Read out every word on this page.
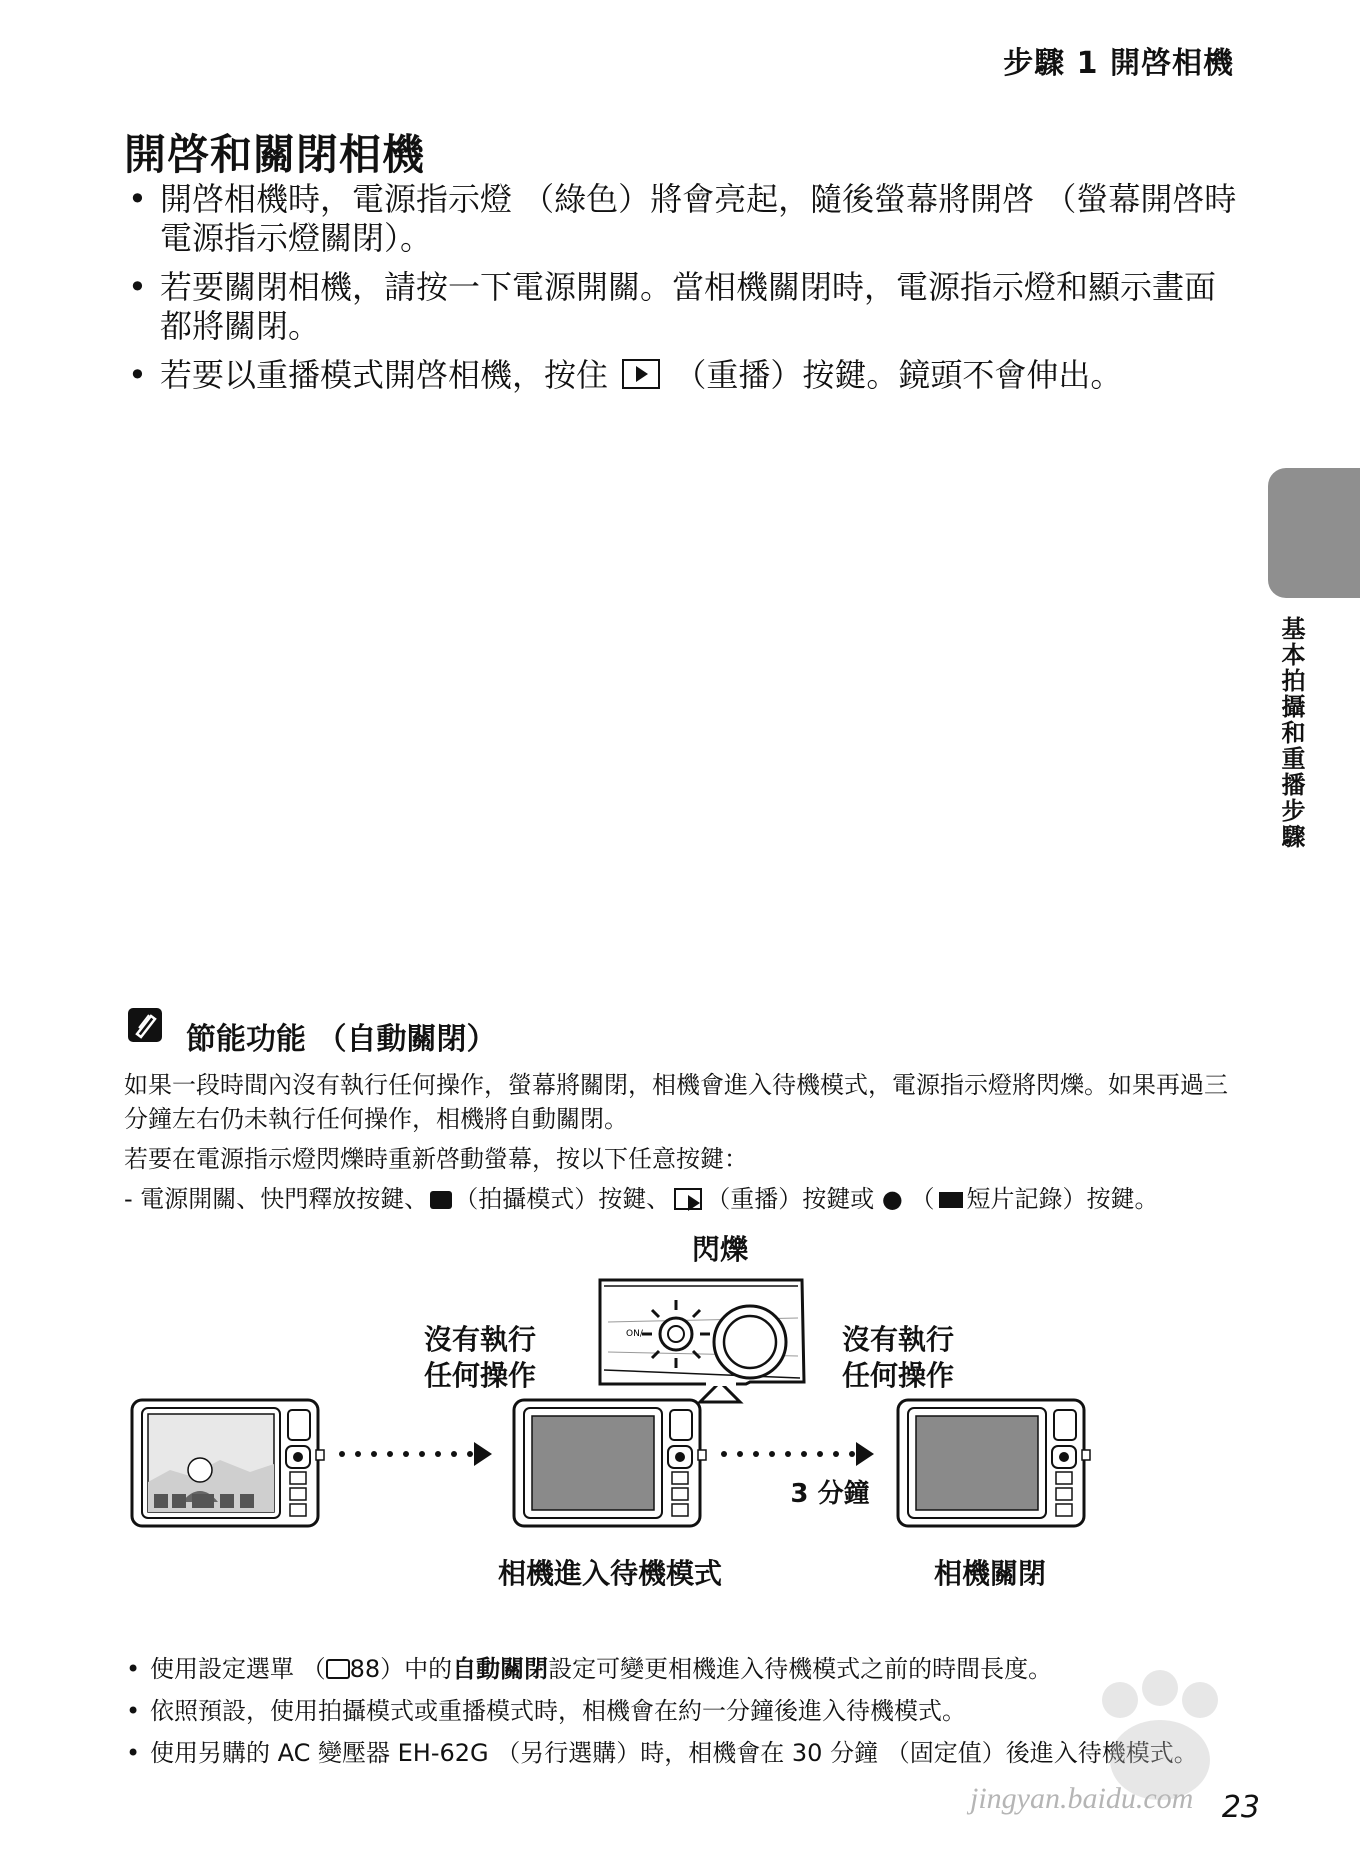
步驟 1 開啓相機
開啓和關閉相機
• 開啓相機時，電源指示燈 （綠色）將會亮起，隨後螢幕將開啓 （螢幕開啓時電源指示燈關閉）。
• 若要關閉相機，請按一下電源開關。當相機關閉時，電源指示燈和顯示畫面都將關閉。
• 若要以重播模式開啓相機，按住 （重播）按鍵。鏡頭不會伸出。
基本拍攝和重播步驟
節能功能 （自動關閉）
如果一段時間內沒有執行任何操作，螢幕將關閉，相機會進入待機模式，電源指示燈將閃爍。如果再過三分鐘左右仍未執行任何操作，相機將自動關閉。
若要在電源指示燈閃爍時重新啓動螢幕，按以下任意按鍵：
- 電源開關、快門釋放按鍵、 （拍攝模式）按鍵、 （重播）按鍵或 ● （ 短片記錄）按鍵。
閃爍
ON/
沒有執行
任何操作
沒有執行
任何操作
3 分鐘
相機進入待機模式	相機關閉
• 使用設定選單 （ 88）中的自動關閉設定可變更相機進入待機模式之前的時間長度。
• 依照預設，使用拍攝模式或重播模式時，相機會在約一分鐘後進入待機模式。
• 使用另購的 AC 變壓器 EH-62G （另行選購）時，相機會在 30 分鐘 （固定值）後進入待機模式。
jingyan.baidu.com 23
